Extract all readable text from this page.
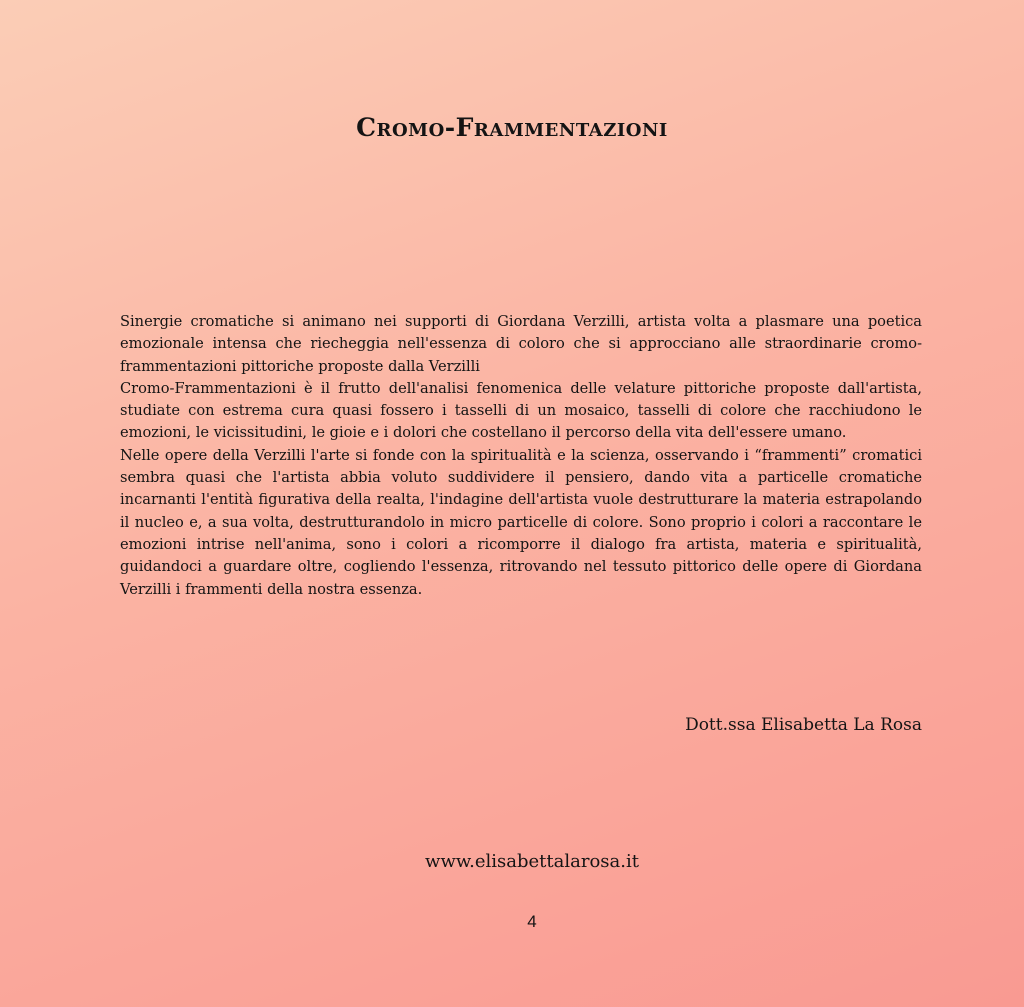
Cromo-Frammentazioni

Sinergie cromatiche si animano nei supporti di Giordana Verzilli, artista volta a plasmare una poetica emozionale intensa che riecheggia nell'essenza di coloro che si approcciano alle straordinarie cromo-frammentazioni pittoriche proposte dalla Verzilli

Cromo-Frammentazioni è il frutto dell'analisi fenomenica delle velature pittoriche proposte dall'artista, studiate con estrema cura quasi fossero i tasselli di un mosaico, tasselli di colore che racchiudono le emozioni, le vicissitudini, le gioie e i dolori che costellano il percorso della vita dell'essere umano.

Nelle opere della Verzilli l'arte si fonde con la spiritualità e la scienza, osservando i “frammenti” cromatici sembra quasi che l'artista abbia voluto suddividere il pensiero, dando vita a particelle cromatiche incarnanti l'entità figurativa della realta, l'indagine dell'artista vuole destrutturare la materia estrapolando il nucleo e, a sua volta, destrutturandolo in micro particelle di colore. Sono proprio i colori a raccontare le emozioni intrise nell'anima, sono i colori a ricomporre il dialogo fra artista, materia e spiritualità, guidandoci a guardare oltre, cogliendo l'essenza, ritrovando nel tessuto pittorico delle opere di Giordana Verzilli i frammenti della nostra essenza.

Dott.ssa Elisabetta La Rosa
www.elisabettalarosa.it
4
